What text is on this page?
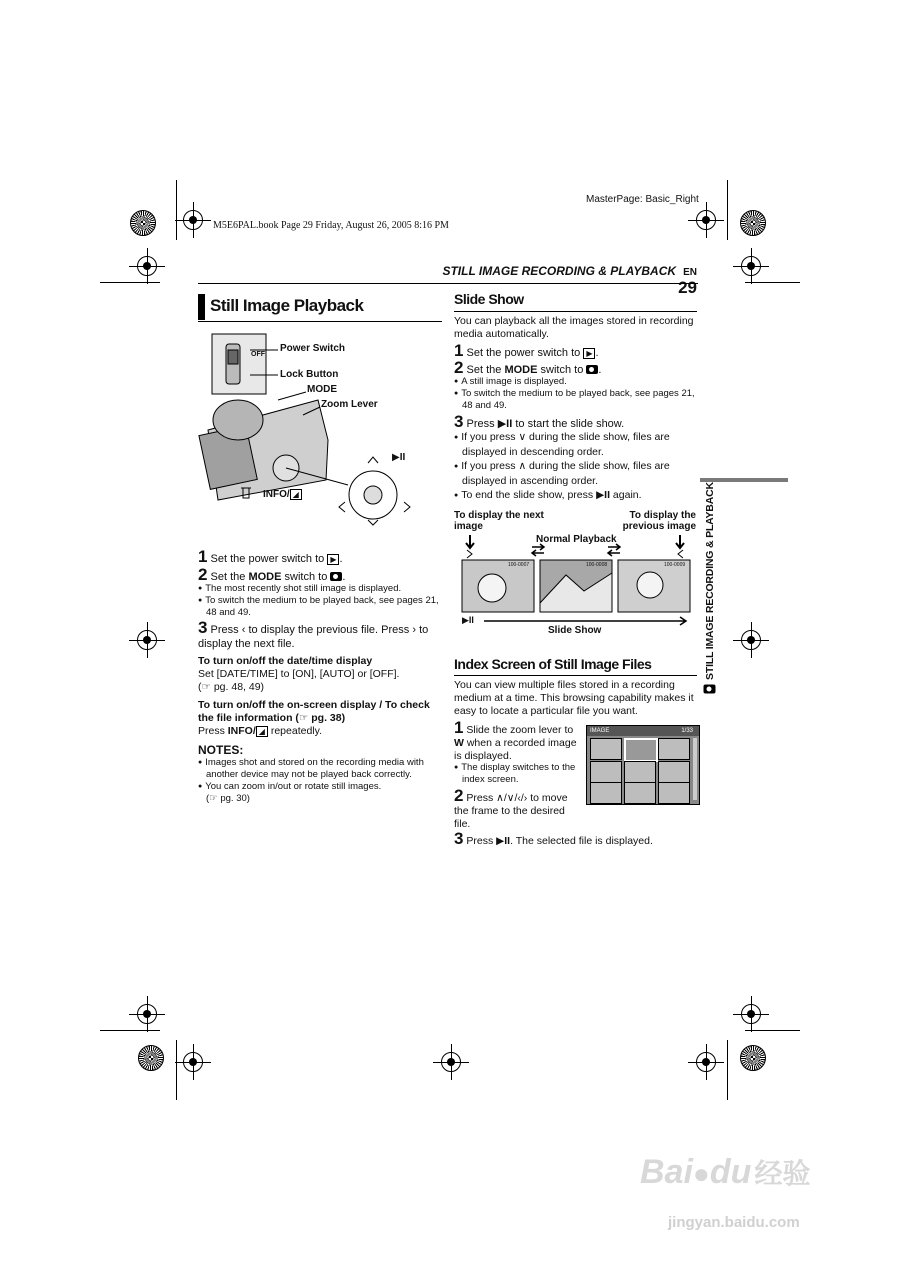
MasterPage: Basic_Right
M5E6PAL.book Page 29 Friday, August 26, 2005 8:16 PM
STILL IMAGE RECORDING & PLAYBACK EN 29
STILL IMAGE RECORDING & PLAYBACK
Still Image Playback
Power Switch
OFF
Lock Button
MODE
Zoom Lever
▶II
INFO/ ◢
1 Set the power switch to ▶ .
2 Set the MODE switch to .
● The most recently shot still image is displayed.
● To switch the medium to be played back, see pages 21, 48 and 49.
3 Press ‹ to display the previous file. Press › to display the next file.
To turn on/off the date/time display
Set [DATE/TIME] to [ON], [AUTO] or [OFF].
(☞ pg. 48, 49)
To turn on/off the on-screen display / To check the file information (☞ pg. 38)
Press INFO/ ◢ repeatedly.
NOTES:
● Images shot and stored on the recording media with another device may not be played back correctly.
● You can zoom in/out or rotate still images.
(☞ pg. 30)
Slide Show
You can playback all the images stored in recording media automatically.
1 Set the power switch to ▶ .
2 Set the MODE switch to .
● A still image is displayed.
● To switch the medium to be played back, see pages 21, 48 and 49.
3 Press ▶II to start the slide show.
● If you press ∨ during the slide show, files are displayed in descending order.
● If you press ∧ during the slide show, files are displayed in ascending order.
● To end the slide show, press ▶II again.
To display the next image
To display the previous image
Normal Playback
100-0007	100-0008	100-0009
▶II
Slide Show
Index Screen of Still Image Files
You can view multiple files stored in a recording medium at a time. This browsing capability makes it easy to locate a particular file you want.
1 Slide the zoom lever to W when a recorded image is displayed.
● The display switches to the index screen.
2 Press ∧/∨/‹/› to move the frame to the desired file.
3 Press ▶II. The selected file is displayed.
IMAGE	1/33
Bai●du 经验
jingyan.baidu.com
